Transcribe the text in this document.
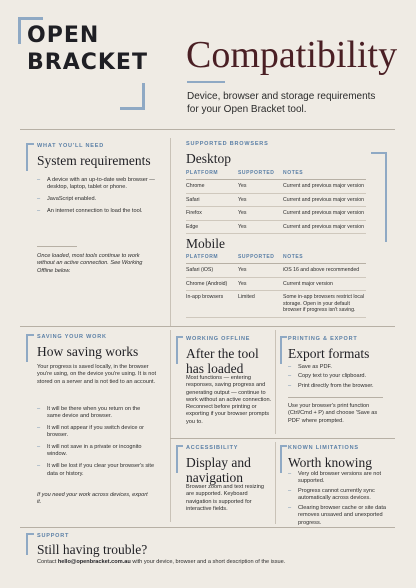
OPEN
BRACKET Compatibility
Device, browser and storage requirements for your Open Bracket tool.
WHAT YOU'LL NEED
System requirements
– A device with an up-to-date web browser — desktop, laptop, tablet or phone.
– JavaScript enabled.
– An internet connection to load the tool.
Once loaded, most tools continue to work without an active connection. See Working Offline below.
SUPPORTED BROWSERS
Desktop
PLATFORM	SUPPORTED	NOTES
Chrome	Yes	Current and previous major version
Safari	Yes	Current and previous major version
Firefox	Yes	Current and previous major version
Edge	Yes	Current and previous major version
Mobile
PLATFORM	SUPPORTED	NOTES
Safari (iOS)	Yes	iOS 16 and above recommended
Chrome (Android)	Yes	Current major version
In-app browsers	Limited	Some in-app browsers restrict local storage. Open in your default browser if progress isn't saving.
SAVING YOUR WORK
How saving works
Your progress is saved locally, in the browser you're using, on the device you're using. It is not stored on a server and is not tied to an account.
– It will be there when you return on the same device and browser.
– It will not appear if you switch device or browser.
– It will not save in a private or incognito window.
– It will be lost if you clear your browser's site data or history.
If you need your work across devices, export it.
WORKING OFFLINE
After the tool has loaded
Most functions — entering responses, saving progress and generating output — continue to work without an active connection. Reconnect before printing or exporting if your browser prompts you to.
PRINTING & EXPORT
Export formats
– Save as PDF.
– Copy text to your clipboard.
– Print directly from the browser.
Use your browser's print function (Ctrl/Cmd + P) and choose 'Save as PDF' where prompted.
ACCESSIBILITY
Display and navigation
Browser zoom and text resizing are supported. Keyboard navigation is supported for interactive fields.
KNOWN LIMITATIONS
Worth knowing
– Very old browser versions are not supported.
– Progress cannot currently sync automatically across devices.
– Clearing browser cache or site data removes unsaved and unexported progress.
SUPPORT
Still having trouble?
Contact hello@openbracket.com.au with your device, browser and a short description of the issue.
